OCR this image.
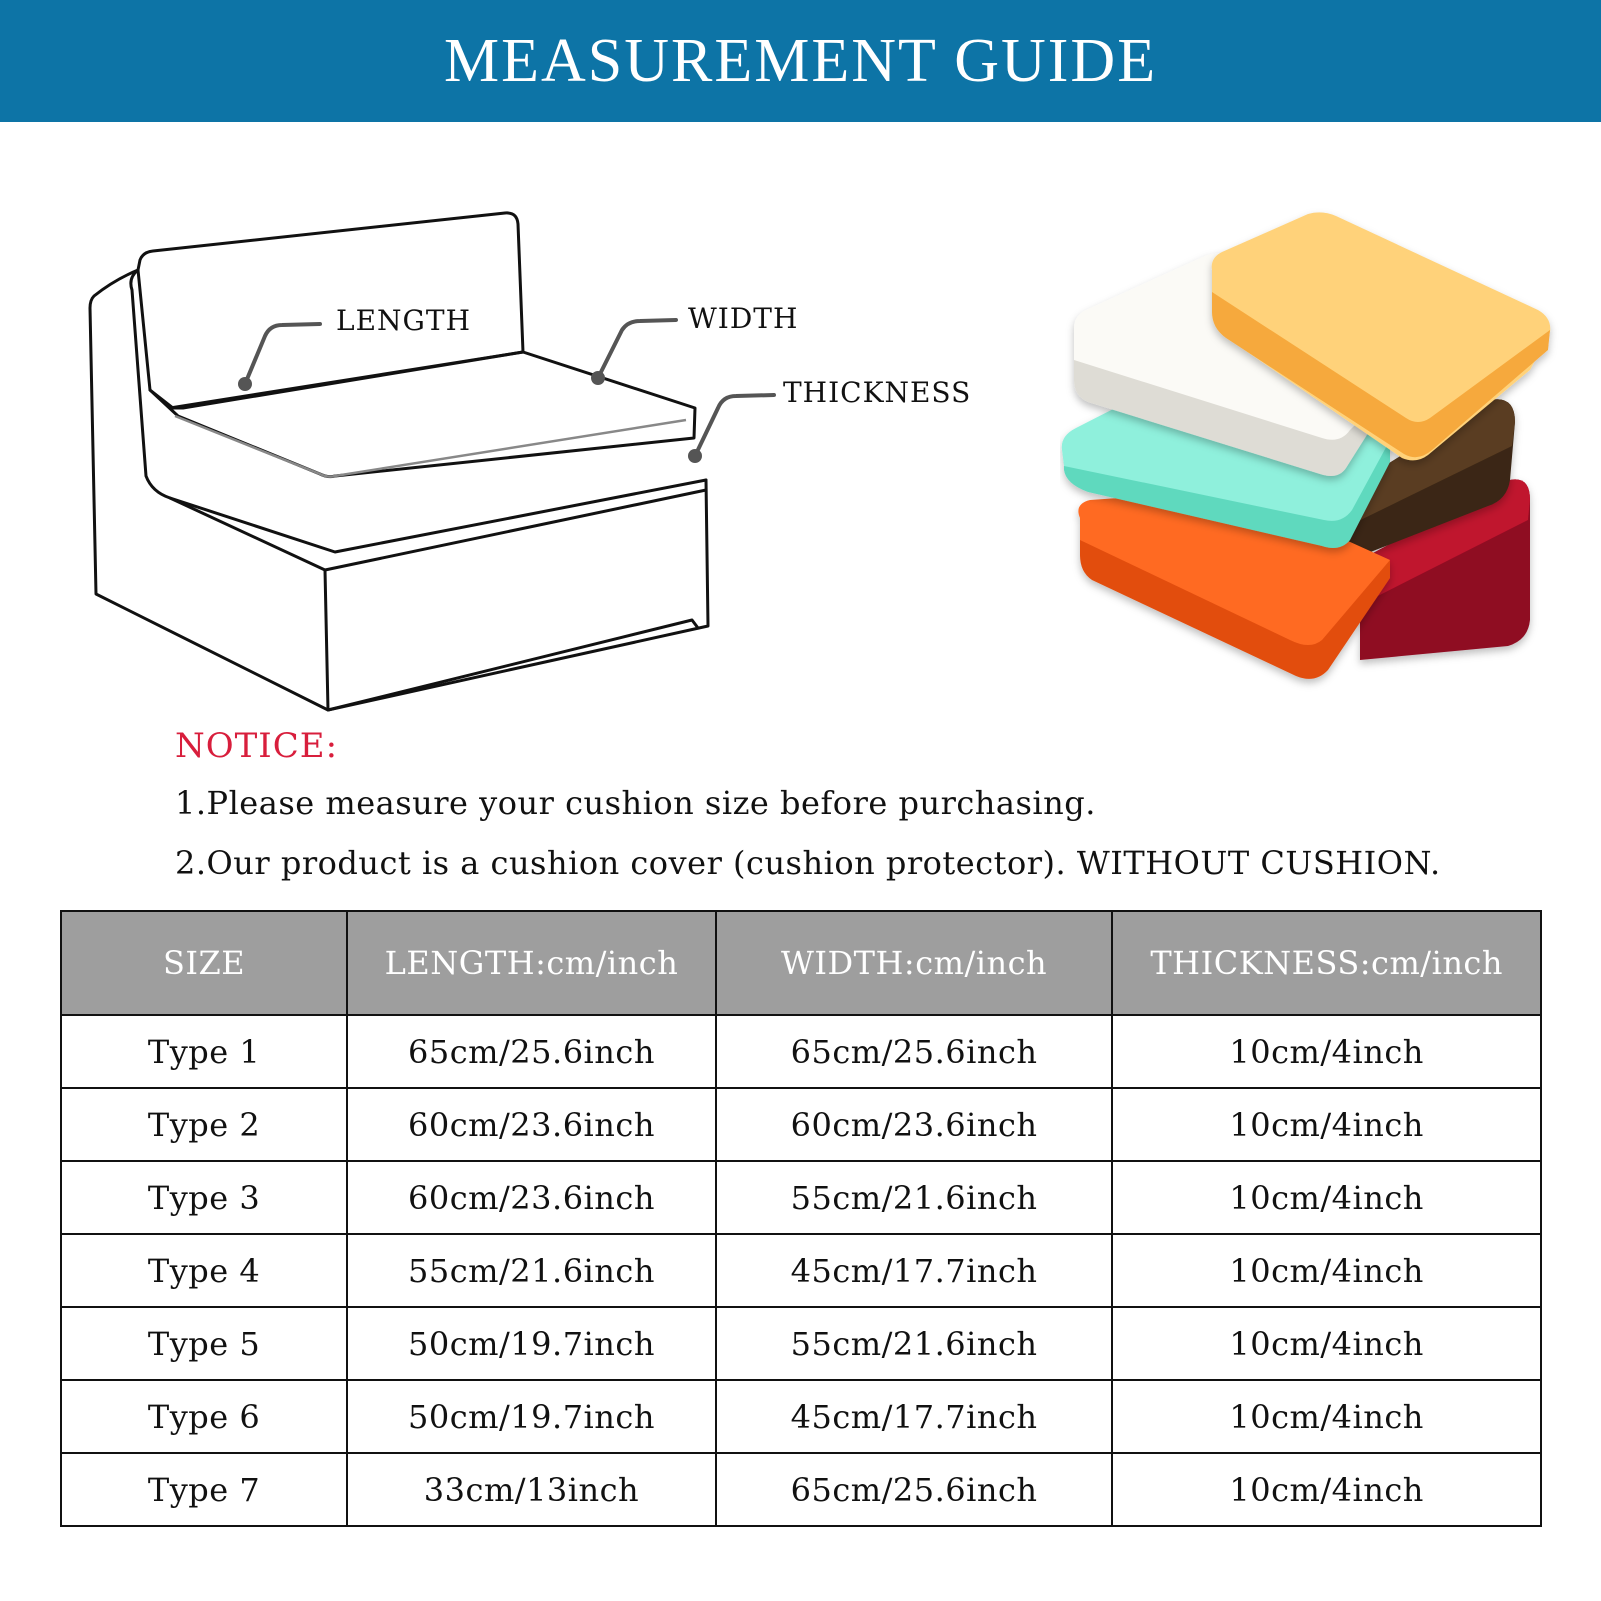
MEASUREMENT GUIDE
LENGTH	WIDTH
THICKNESS
NOTICE:

1.Please measure your cushion size before purchasing.

2.Our product is a cushion cover (cushion protector). WITHOUT CUSHION.

SIZE	LENGTH:cm/inch	WIDTH:cm/inch	THICKNESS:cm/inch
Type 1	65cm/25.6inch	65cm/25.6inch	10cm/4inch
Type 2	60cm/23.6inch	60cm/23.6inch	10cm/4inch
Type 3	60cm/23.6inch	55cm/21.6inch	10cm/4inch
Type 4	55cm/21.6inch	45cm/17.7inch	10cm/4inch
Type 5	50cm/19.7inch	55cm/21.6inch	10cm/4inch
Type 6	50cm/19.7inch	45cm/17.7inch	10cm/4inch
Type 7	33cm/13inch	65cm/25.6inch	10cm/4inch
